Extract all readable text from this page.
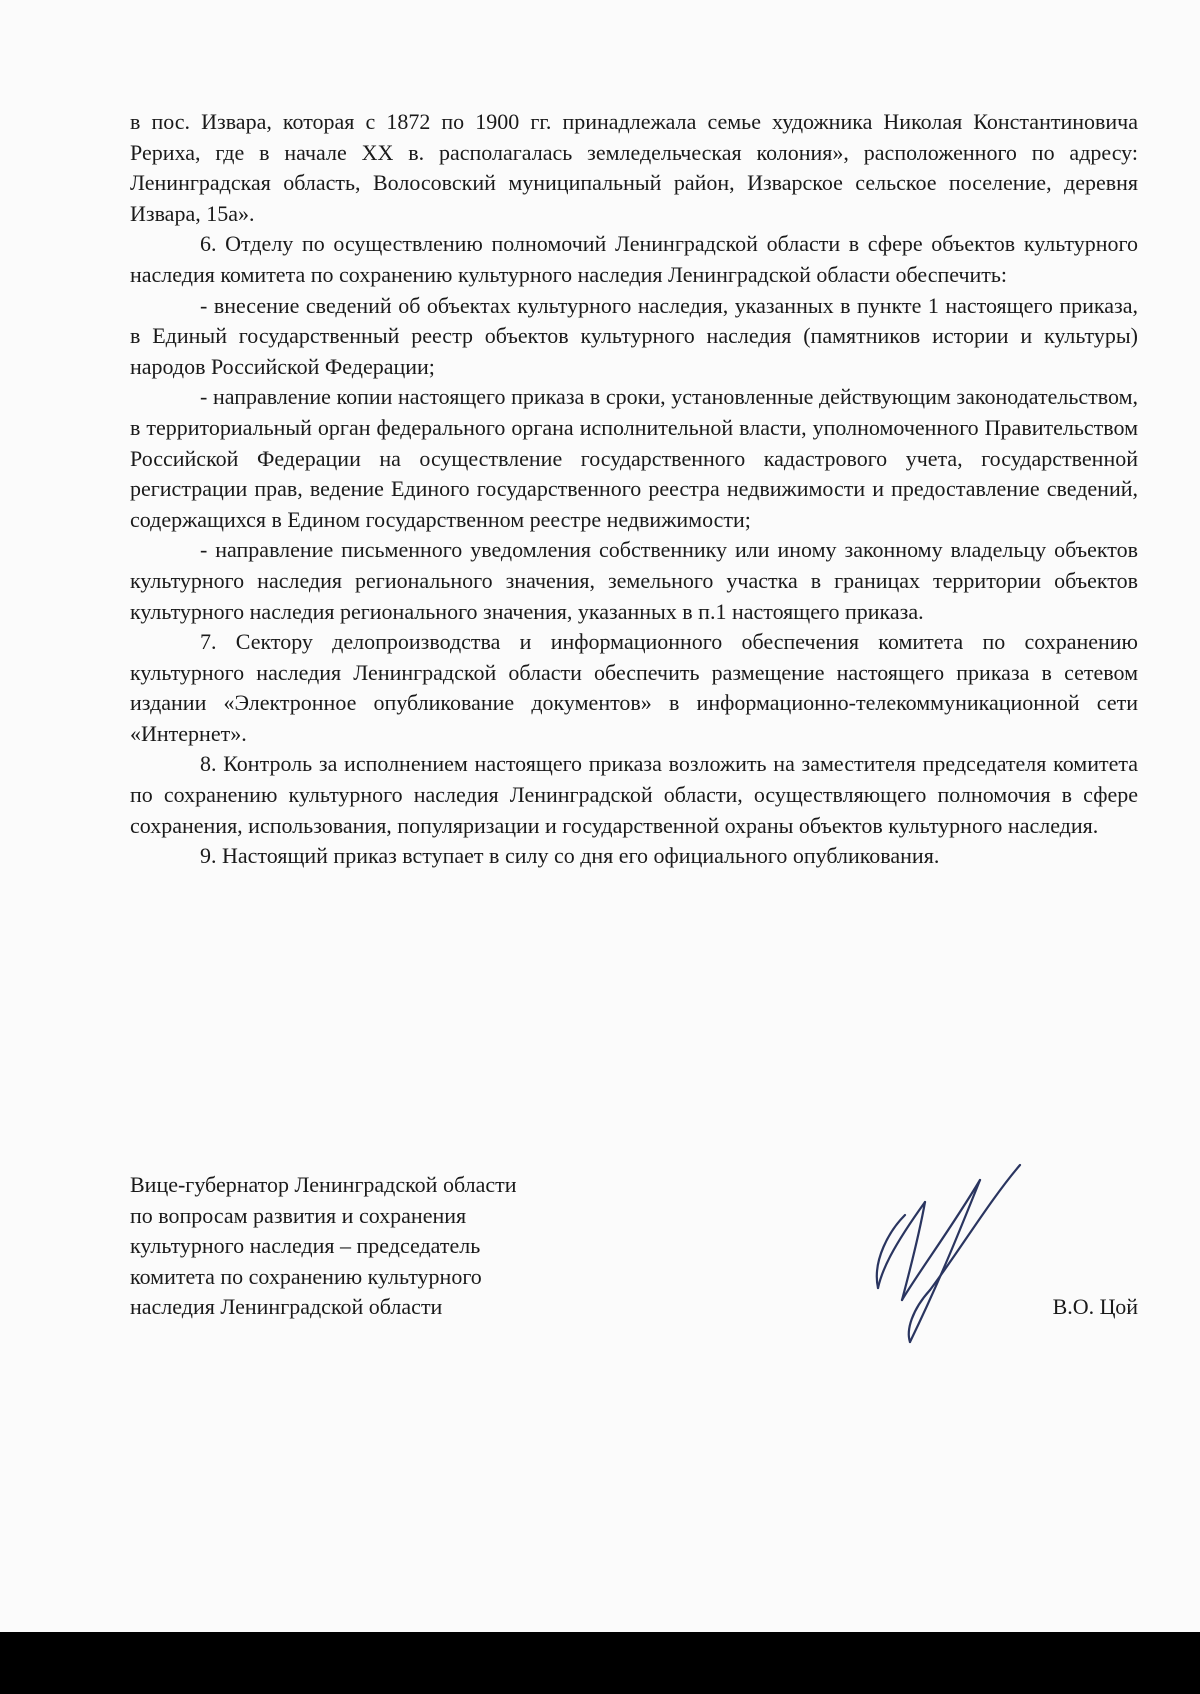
в пос. Извара, которая с 1872 по 1900 гг. принадлежала семье художника Николая Константиновича Рериха, где в начале XX в. располагалась земледельческая колония», расположенного по адресу: Ленинградская область, Волосовский муниципальный район, Изварское сельское поселение, деревня Извара, 15а».

6. Отделу по осуществлению полномочий Ленинградской области в сфере объектов культурного наследия комитета по сохранению культурного наследия Ленинградской области обеспечить:

- внесение сведений об объектах культурного наследия, указанных в пункте 1 настоящего приказа, в Единый государственный реестр объектов культурного наследия (памятников истории и культуры) народов Российской Федерации;

- направление копии настоящего приказа в сроки, установленные действующим законодательством, в территориальный орган федерального органа исполнительной власти, уполномоченного Правительством Российской Федерации на осуществление государственного кадастрового учета, государственной регистрации прав, ведение Единого государственного реестра недвижимости и предоставление сведений, содержащихся в Едином государственном реестре недвижимости;

- направление письменного уведомления собственнику или иному законному владельцу объектов культурного наследия регионального значения, земельного участка в границах территории объектов культурного наследия регионального значения, указанных в п.1 настоящего приказа.

7. Сектору делопроизводства и информационного обеспечения комитета по сохранению культурного наследия Ленинградской области обеспечить размещение настоящего приказа в сетевом издании «Электронное опубликование документов» в информационно-телекоммуникационной сети «Интернет».

8. Контроль за исполнением настоящего приказа возложить на заместителя председателя комитета по сохранению культурного наследия Ленинградской области, осуществляющего полномочия в сфере сохранения, использования, популяризации и государственной охраны объектов культурного наследия.

9. Настоящий приказ вступает в силу со дня его официального опубликования.

Вице-губернатор Ленинградской области
по вопросам развития и сохранения
культурного наследия – председатель
комитета по сохранению культурного
наследия Ленинградской области	В.О. Цой
